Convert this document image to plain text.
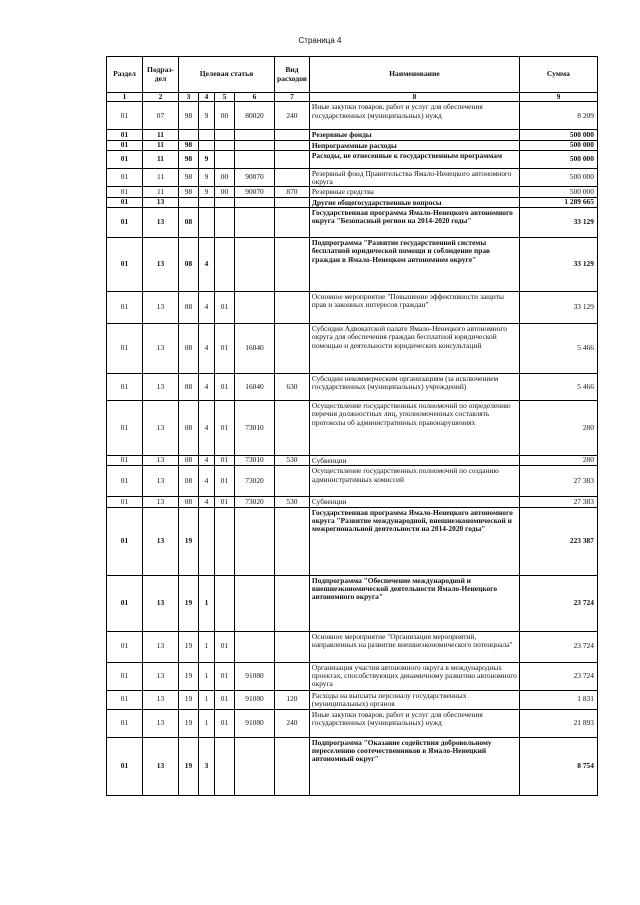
Страница 4
Раздел	Подраз-
дел	Целевая статья				Вид расходов	Наименование	Сумма
1	2	3	4	5	6	7	8	9
01	07	98	9	00	80020	240	Иные закупки товаров, работ и услуг для обеспечения государственных (муниципальных) нужд	8 209
01	11						Резервные фонды	500 000
01	11	98					Непрограммные расходы	500 000
01	11	98	9				Расходы, не отнесенные к государственным программам	500 000
01	11	98	9	00	90070		Резервный фонд Правительства Ямало-Ненецкого автономного округа	500 000
01	11	98	9	00	90070	870	Резервные средства	500 000
01	13						Другие общегосударственные вопросы	1 289 665
01	13	08					Государственная программа Ямало-Ненецкого автономного округа "Безопасный регион на 2014-2020 годы"	33 129
01	13	08	4				Подпрограмма "Развитие государственной системы бесплатной юридической помощи и соблюдение прав граждан в Ямало-Ненецком автономном округе"	33 129
01	13	08	4	01			Основное мероприятие "Повышение эффективности защиты прав и законных интересов граждан"	33 129
01	13	08	4	01	16040		Субсидии Адвокатской палате Ямало-Ненецкого автономного округа для обеспечения граждан бесплатной юридической помощью и деятельности юридических консультаций	5 466
01	13	08	4	01	16040	630	Субсидии некоммерческим организациям (за исключением государственных (муниципальных) учреждений)	5 466
01	13	08	4	01	73010		Осуществление государственных полномочий по определению перечня должностных лиц, уполномоченных составлять протоколы об административных правонарушениях	280
01	13	08	4	01	73010	530	Субвенции	280
01	13	08	4	01	73020		Осуществление государственных полномочий по созданию административных комиссий	27 383
01	13	08	4	01	73020	530	Субвенции	27 383
01	13	19					Государственная программа Ямало-Ненецкого автономного округа "Развитие международной, внешнеэкономической и межрегиональной деятельности на 2014-2020 годы"	223 387
01	13	19	1				Подпрограмма "Обеспечение международной и внешнеэкономической деятельности Ямало-Ненецкого автономного округа"	23 724
01	13	19	1	01			Основное мероприятие "Организация мероприятий, направленных на развитие внешнеэкономического потенциала"	23 724
01	13	19	1	01	91080		Организация участия автономного округа в международных проектах, способствующих динамичному развитию автономного округа	23 724
01	13	19	1	01	91080	120	Расходы на выплаты персоналу государственных (муниципальных) органов	1 831
01	13	19	1	01	91080	240	Иные закупки товаров, работ и услуг для обеспечения государственных (муниципальных) нужд	21 893
01	13	19	3				Подпрограмма "Оказание содействия добровольному переселению соотечественников в Ямало-Ненецкий автономный округ"	8 754
